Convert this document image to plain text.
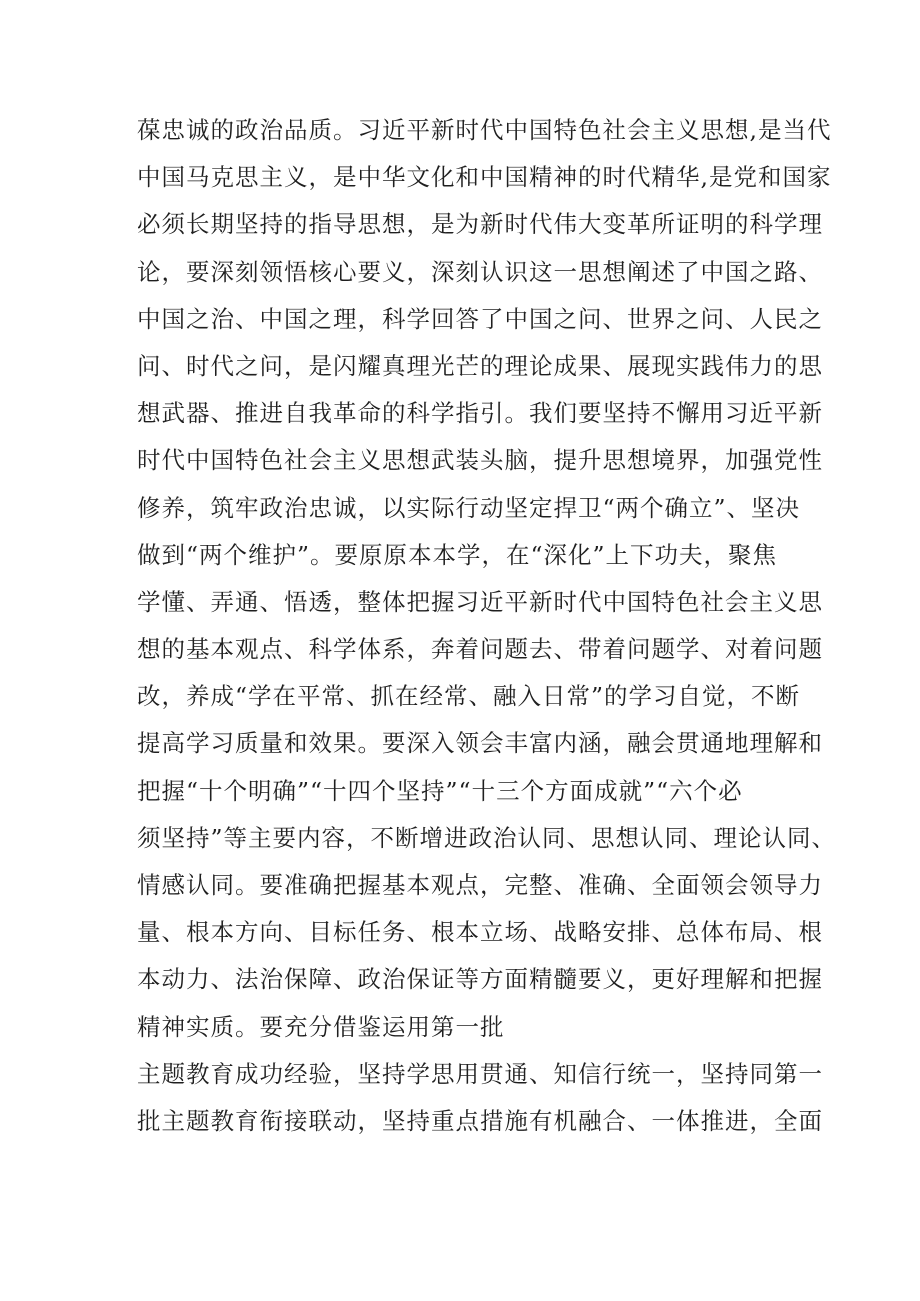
葆忠诚的政治品质。习近平新时代中国特色社会主义思想,是当代
中国马克思主义，是中华文化和中国精神的时代精华,是党和国家
必须长期坚持的指导思想，是为新时代伟大变革所证明的科学理
论，要深刻领悟核心要义，深刻认识这一思想阐述了中国之路、
中国之治、中国之理，科学回答了中国之问、世界之问、人民之
问、时代之问，是闪耀真理光芒的理论成果、展现实践伟力的思
想武器、推进自我革命的科学指引。我们要坚持不懈用习近平新
时代中国特色社会主义思想武装头脑，提升思想境界，加强党性
修养，筑牢政治忠诚，以实际行动坚定捍卫“两个确立”、坚决
做到“两个维护”。要原原本本学，在“深化”上下功夫，聚焦
学懂、弄通、悟透，整体把握习近平新时代中国特色社会主义思
想的基本观点、科学体系，奔着问题去、带着问题学、对着问题
改，养成“学在平常、抓在经常、融入日常”的学习自觉，不断
提高学习质量和效果。要深入领会丰富内涵，融会贯通地理解和
把握“十个明确”“十四个坚持”“十三个方面成就”“六个必
须坚持”等主要内容，不断增进政治认同、思想认同、理论认同、
情感认同。要准确把握基本观点，完整、准确、全面领会领导力
量、根本方向、目标任务、根本立场、战略安排、总体布局、根
本动力、法治保障、政治保证等方面精髓要义，更好理解和把握
精神实质。要充分借鉴运用第一批
主题教育成功经验，坚持学思用贯通、知信行统一，坚持同第一
批主题教育衔接联动，坚持重点措施有机融合、一体推进，全面
